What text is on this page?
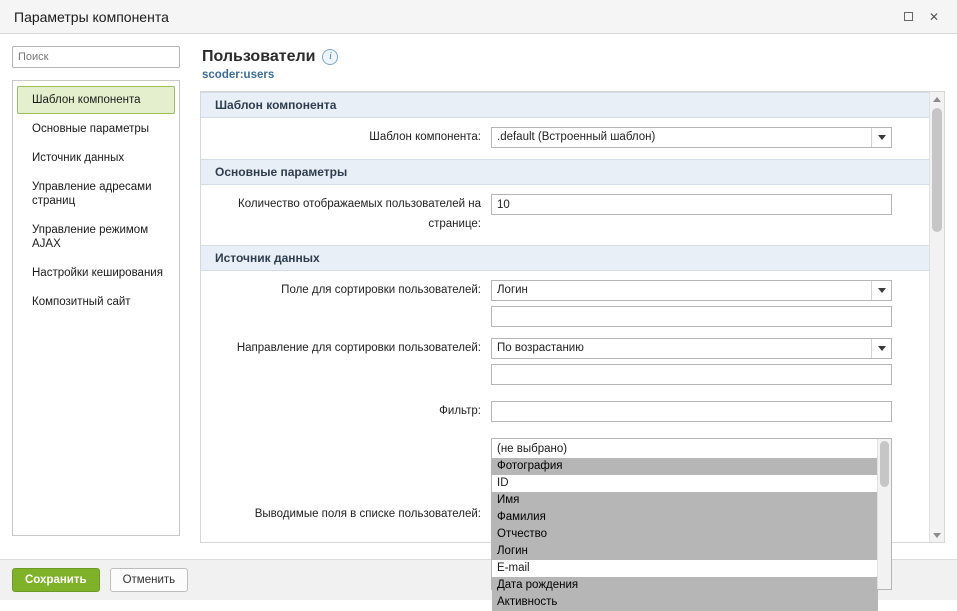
Параметры компонента	✕
Поиск
Шаблон компонента
Основные параметры
Источник данных
Управление адресами страниц
Управление режимом AJAX
Настройки кеширования
Композитный сайт
Пользователи	i
scoder:users
Шаблон компонента
Шаблон компонента:	.default (Встроенный шаблон)
Основные параметры
Количество отображаемых пользователей на странице:
10
Источник данных
Поле для сортировки пользователей:	Логин
Направление для сортировки пользователей:	По возрастанию
Фильтр:
Выводимые поля в списке пользователей:
(не выбрано)
Фотография
ID
Имя
Фамилия
Отчество
Логин
E-mail
Дата рождения
Активность
Сохранить	Отменить
